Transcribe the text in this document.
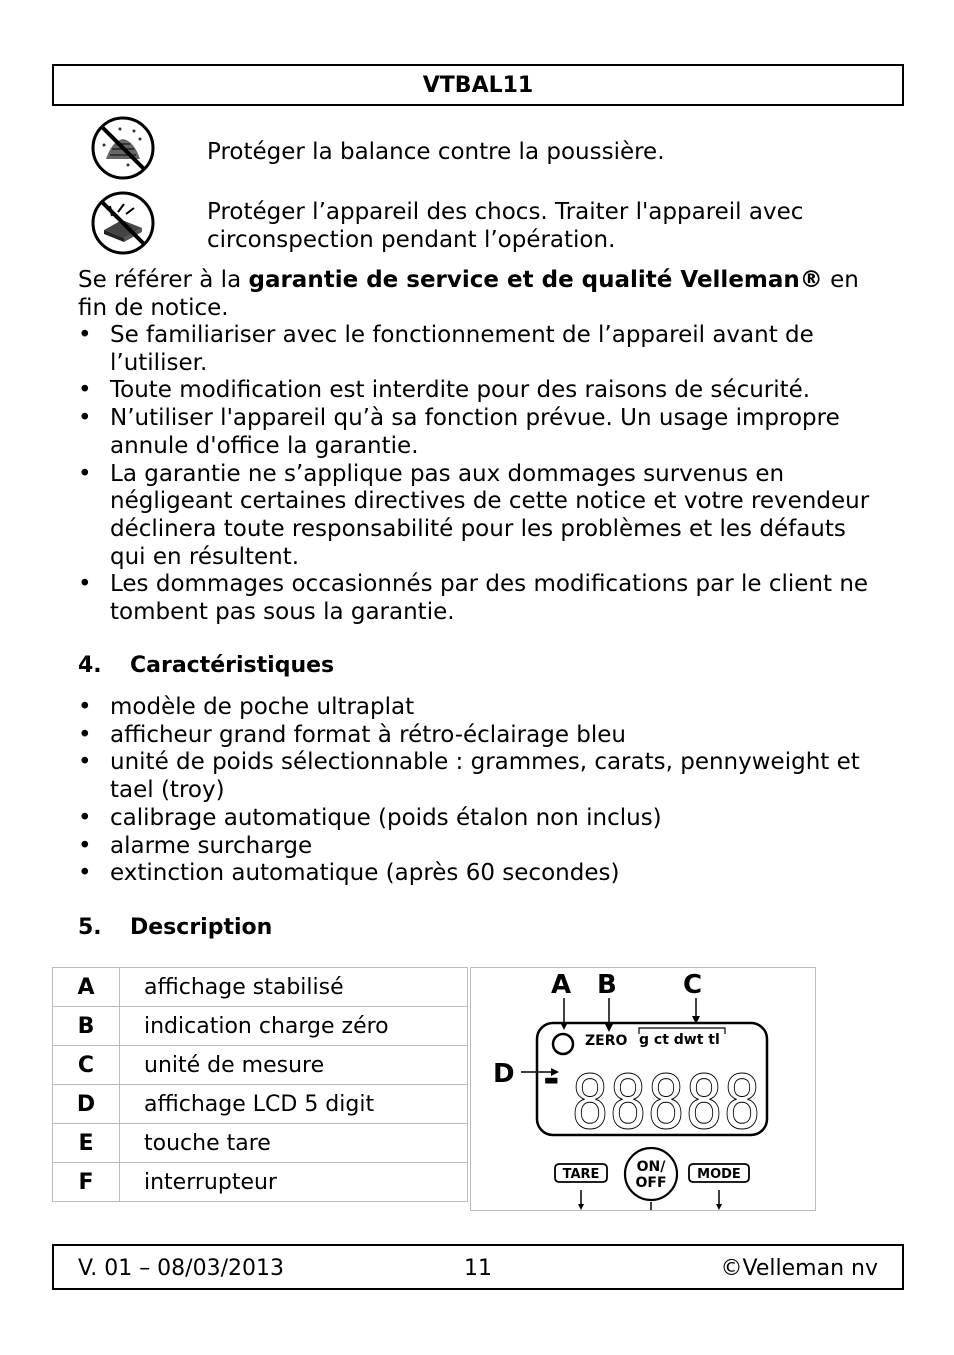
VTBAL11
Protéger la balance contre la poussière.
Protéger l’appareil des chocs. Traiter l'appareil avec
circonspection pendant l’opération.
Se référer à la garantie de service et de qualité Velleman® en
fin de notice.
• Se familiariser avec le fonctionnement de l’appareil avant de
l’utiliser.
• Toute modification est interdite pour des raisons de sécurité.
• N’utiliser l'appareil qu’à sa fonction prévue. Un usage impropre
annule d'office la garantie.
• La garantie ne s’applique pas aux dommages survenus en
négligeant certaines directives de cette notice et votre revendeur
déclinera toute responsabilité pour les problèmes et les défauts
qui en résultent.
• Les dommages occasionnés par des modifications par le client ne
tombent pas sous la garantie.
4. Caractéristiques
• modèle de poche ultraplat
• afficheur grand format à rétro-éclairage bleu
• unité de poids sélectionnable : grammes, carats, pennyweight et
tael (troy)
• calibrage automatique (poids étalon non inclus)
• alarme surcharge
• extinction automatique (après 60 secondes)
5. Description
A	affichage stabilisé
B	indication charge zéro
C	unité de mesure
D	affichage LCD 5 digit
E	touche tare
F	interrupteur
A B	C
D
ZERO g ct dwt tl
- 88888
TARE	ON/
OFF
MODE
V. 01 – 08/03/2013	11	©Velleman nv
